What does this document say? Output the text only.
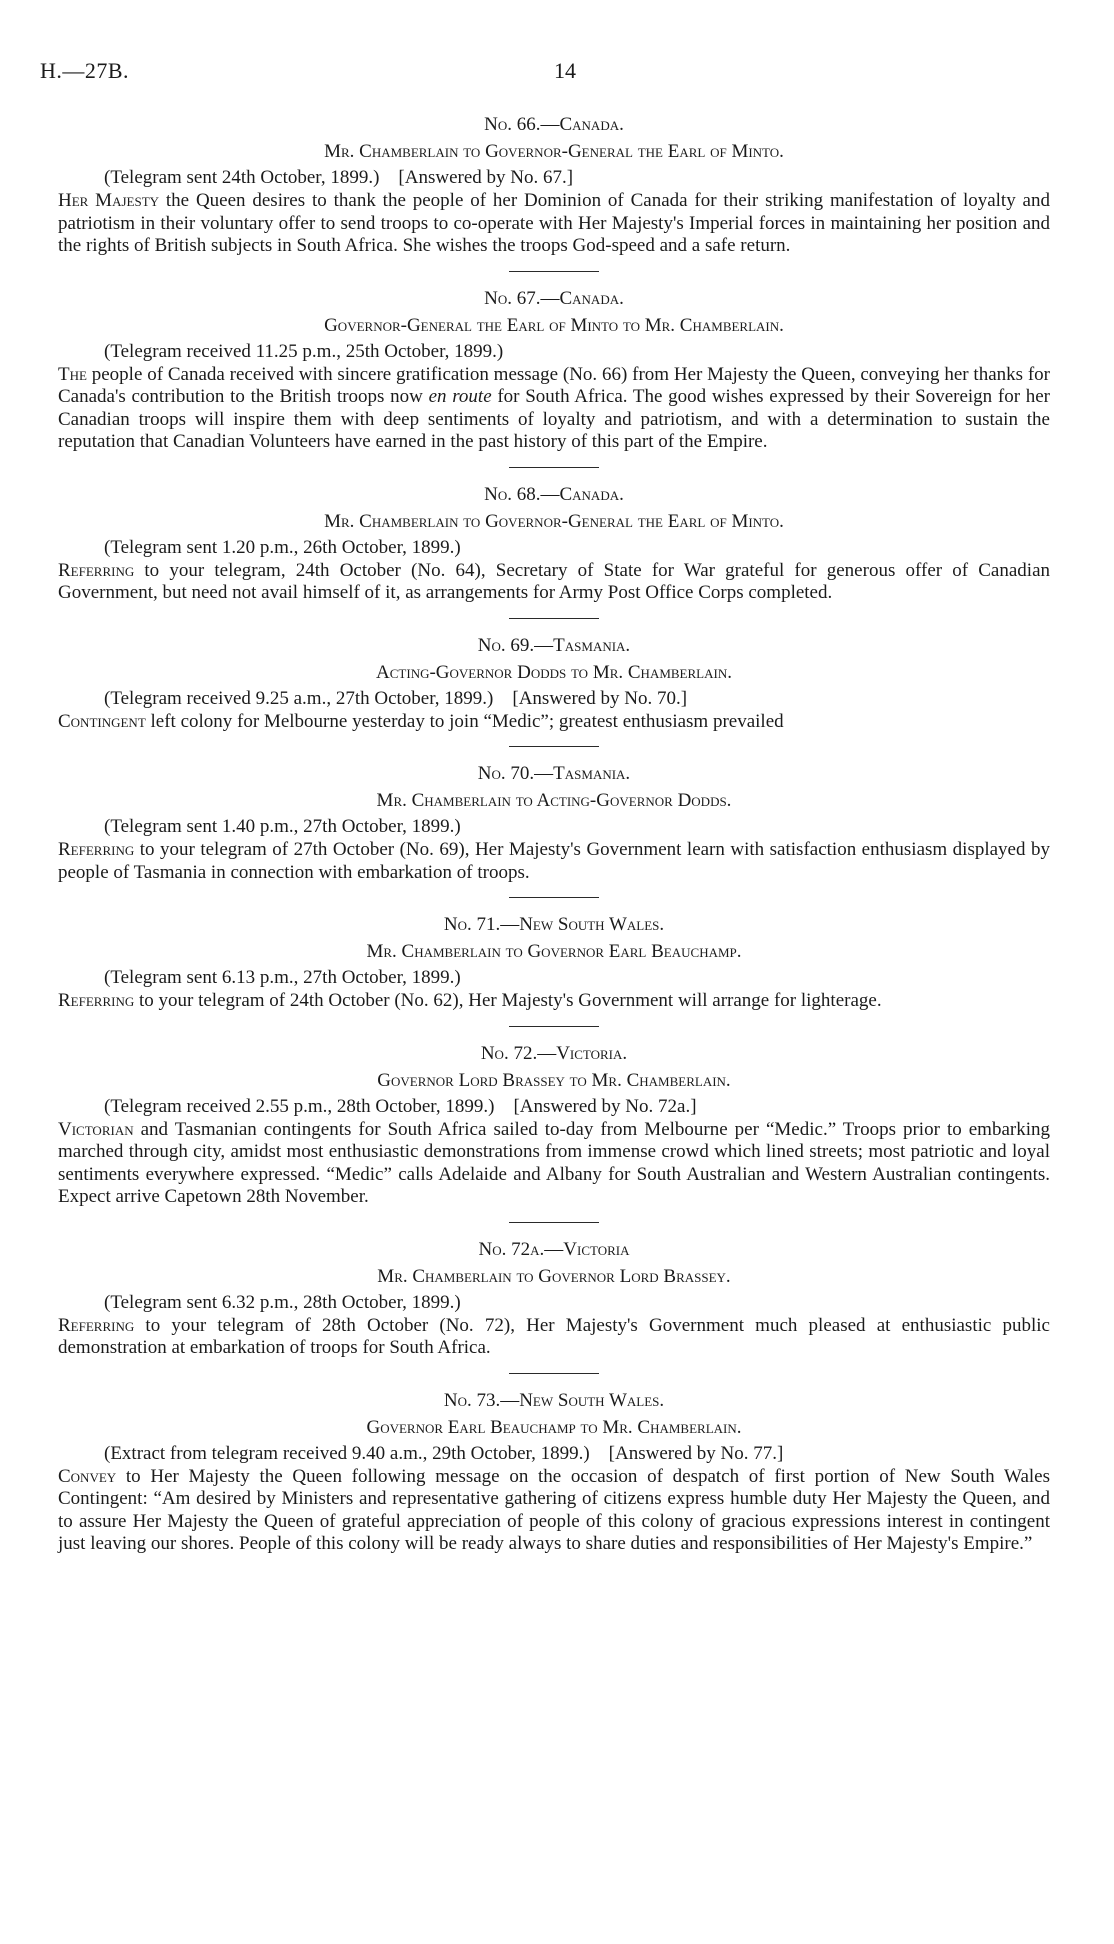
H.—27B.	14
No. 66.—Canada.
Mr. Chamberlain to Governor-General the Earl of Minto.
(Telegram sent 24th October, 1899.)    [Answered by No. 67.]

Her Majesty the Queen desires to thank the people of her Dominion of Canada for their striking manifestation of loyalty and patriotism in their voluntary offer to send troops to co-operate with Her Majesty's Imperial forces in maintaining her position and the rights of British subjects in South Africa. She wishes the troops God-speed and a safe return.

No. 67.—Canada.
Governor-General the Earl of Minto to Mr. Chamberlain.
(Telegram received 11.25 p.m., 25th October, 1899.)

The people of Canada received with sincere gratification message (No. 66) from Her Majesty the Queen, conveying her thanks for Canada's contribution to the British troops now en route for South Africa. The good wishes expressed by their Sovereign for her Canadian troops will inspire them with deep sentiments of loyalty and patriotism, and with a determination to sustain the reputation that Canadian Volunteers have earned in the past history of this part of the Empire.

No. 68.—Canada.
Mr. Chamberlain to Governor-General the Earl of Minto.
(Telegram sent 1.20 p.m., 26th October, 1899.)

Referring to your telegram, 24th October (No. 64), Secretary of State for War grateful for generous offer of Canadian Government, but need not avail himself of it, as arrangements for Army Post Office Corps completed.

No. 69.—Tasmania.
Acting-Governor Dodds to Mr. Chamberlain.
(Telegram received 9.25 a.m., 27th October, 1899.)    [Answered by No. 70.]

Contingent left colony for Melbourne yesterday to join “Medic”; greatest enthusiasm prevailed

No. 70.—Tasmania.
Mr. Chamberlain to Acting-Governor Dodds.
(Telegram sent 1.40 p.m., 27th October, 1899.)

Referring to your telegram of 27th October (No. 69), Her Majesty's Government learn with satisfaction enthusiasm displayed by people of Tasmania in connection with embarkation of troops.

No. 71.—New South Wales.
Mr. Chamberlain to Governor Earl Beauchamp.
(Telegram sent 6.13 p.m., 27th October, 1899.)

Referring to your telegram of 24th October (No. 62), Her Majesty's Government will arrange for lighterage.

No. 72.—Victoria.
Governor Lord Brassey to Mr. Chamberlain.
(Telegram received 2.55 p.m., 28th October, 1899.)    [Answered by No. 72a.]

Victorian and Tasmanian contingents for South Africa sailed to-day from Melbourne per “Medic.” Troops prior to embarking marched through city, amidst most enthusiastic demonstrations from immense crowd which lined streets; most patriotic and loyal sentiments everywhere expressed. “Medic” calls Adelaide and Albany for South Australian and Western Australian contingents. Expect arrive Capetown 28th November.

No. 72a.—Victoria
Mr. Chamberlain to Governor Lord Brassey.
(Telegram sent 6.32 p.m., 28th October, 1899.)

Referring to your telegram of 28th October (No. 72), Her Majesty's Government much pleased at enthusiastic public demonstration at embarkation of troops for South Africa.

No. 73.—New South Wales.
Governor Earl Beauchamp to Mr. Chamberlain.
(Extract from telegram received 9.40 a.m., 29th October, 1899.)    [Answered by No. 77.]

Convey to Her Majesty the Queen following message on the occasion of despatch of first portion of New South Wales Contingent: “Am desired by Ministers and representative gathering of citizens express humble duty Her Majesty the Queen, and to assure Her Majesty the Queen of grateful appreciation of people of this colony of gracious expressions interest in contingent just leaving our shores. People of this colony will be ready always to share duties and responsibilities of Her Majesty's Empire.”
